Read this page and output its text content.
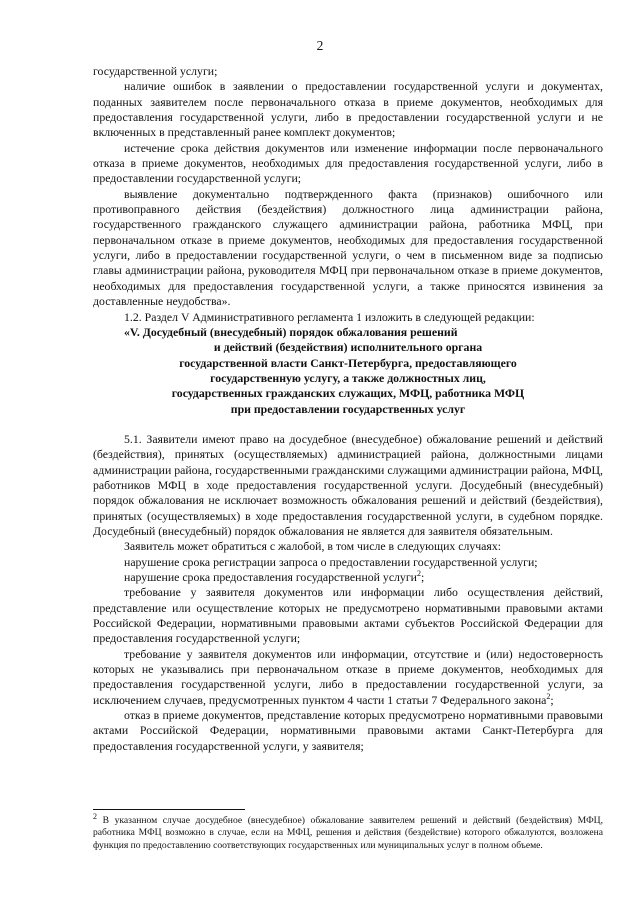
2

государственной услуги;

наличие ошибок в заявлении о предоставлении государственной услуги и документах, поданных заявителем после первоначального отказа в приеме документов, необходимых для предоставления государственной услуги, либо в предоставлении государственной услуги и не включенных в представленный ранее комплект документов;

истечение срока действия документов или изменение информации после первоначального отказа в приеме документов, необходимых для предоставления государственной услуги, либо в предоставлении государственной услуги;

выявление документально подтвержденного факта (признаков) ошибочного или противоправного действия (бездействия) должностного лица администрации района, государственного гражданского служащего администрации района, работника МФЦ, при первоначальном отказе в приеме документов, необходимых для предоставления государственной услуги, либо в предоставлении государственной услуги, о чем в письменном виде за подписью главы администрации района, руководителя МФЦ при первоначальном отказе в приеме документов, необходимых для предоставления государственной услуги, а также приносятся извинения за доставленные неудобства».

1.2. Раздел V Административного регламента 1 изложить в следующей редакции:

«V. Досудебный (внесудебный) порядок обжалования решений

и действий (бездействия) исполнительного органа

государственной власти Санкт-Петербурга, предоставляющего

государственную услугу, а также должностных лиц,

государственных гражданских служащих, МФЦ, работника МФЦ

при предоставлении государственных услуг

5.1. Заявители имеют право на досудебное (внесудебное) обжалование решений и действий (бездействия), принятых (осуществляемых) администрацией района, должностными лицами администрации района, государственными гражданскими служащими администрации района, МФЦ, работников МФЦ в ходе предоставления государственной услуги. Досудебный (внесудебный) порядок обжалования не исключает возможность обжалования решений и действий (бездействия), принятых (осуществляемых) в ходе предоставления государственной услуги, в судебном порядке. Досудебный (внесудебный) порядок обжалования не является для заявителя обязательным.

Заявитель может обратиться с жалобой, в том числе в следующих случаях:

нарушение срока регистрации запроса о предоставлении государственной услуги;

нарушение срока предоставления государственной услуги$^2$;

требование у заявителя документов или информации либо осуществления действий, представление или осуществление которых не предусмотрено нормативными правовыми актами Российской Федерации, нормативными правовыми актами субъектов Российской Федерации для предоставления государственной услуги;

требование у заявителя документов или информации, отсутствие и (или) недостоверность которых не указывались при первоначальном отказе в приеме документов, необходимых для предоставления государственной услуги, либо в предоставлении государственной услуги, за исключением случаев, предусмотренных пунктом 4 части 1 статьи 7 Федерального закона$^2$;

отказ в приеме документов, представление которых предусмотрено нормативными правовыми актами Российской Федерации, нормативными правовыми актами Санкт-Петербурга для предоставления государственной услуги, у заявителя;

$^2$ В указанном случае досудебное (внесудебное) обжалование заявителем решений и действий (бездействия) МФЦ, работника МФЦ возможно в случае, если на МФЦ, решения и действия (бездействие) которого обжалуются, возложена функция по предоставлению соответствующих государственных или муниципальных услуг в полном объеме.
